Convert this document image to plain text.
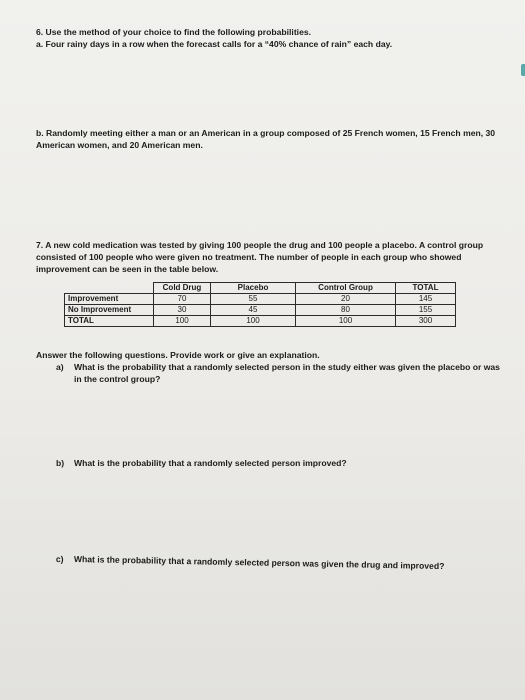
6. Use the method of your choice to find the following probabilities.
a. Four rainy days in a row when the forecast calls for a “40% chance of rain” each day.
b. Randomly meeting either a man or an American in a group composed of 25 French women, 15 French men, 30
American women, and 20 American men.
7. A new cold medication was tested by giving 100 people the drug and 100 people a placebo. A control group
consisted of 100 people who were given no treatment. The number of people in each group who showed
improvement can be seen in the table below.
	Cold Drug	Placebo	Control Group	TOTAL
Improvement	70	55	20	145
No Improvement	30	45	80	155
TOTAL	100	100	100	300
Answer the following questions. Provide work or give an explanation.
a) What is the probability that a randomly selected person in the study either was given the placebo or was
in the control group?
b) What is the probability that a randomly selected person improved?
c) What is the probability that a randomly selected person was given the drug and improved?
